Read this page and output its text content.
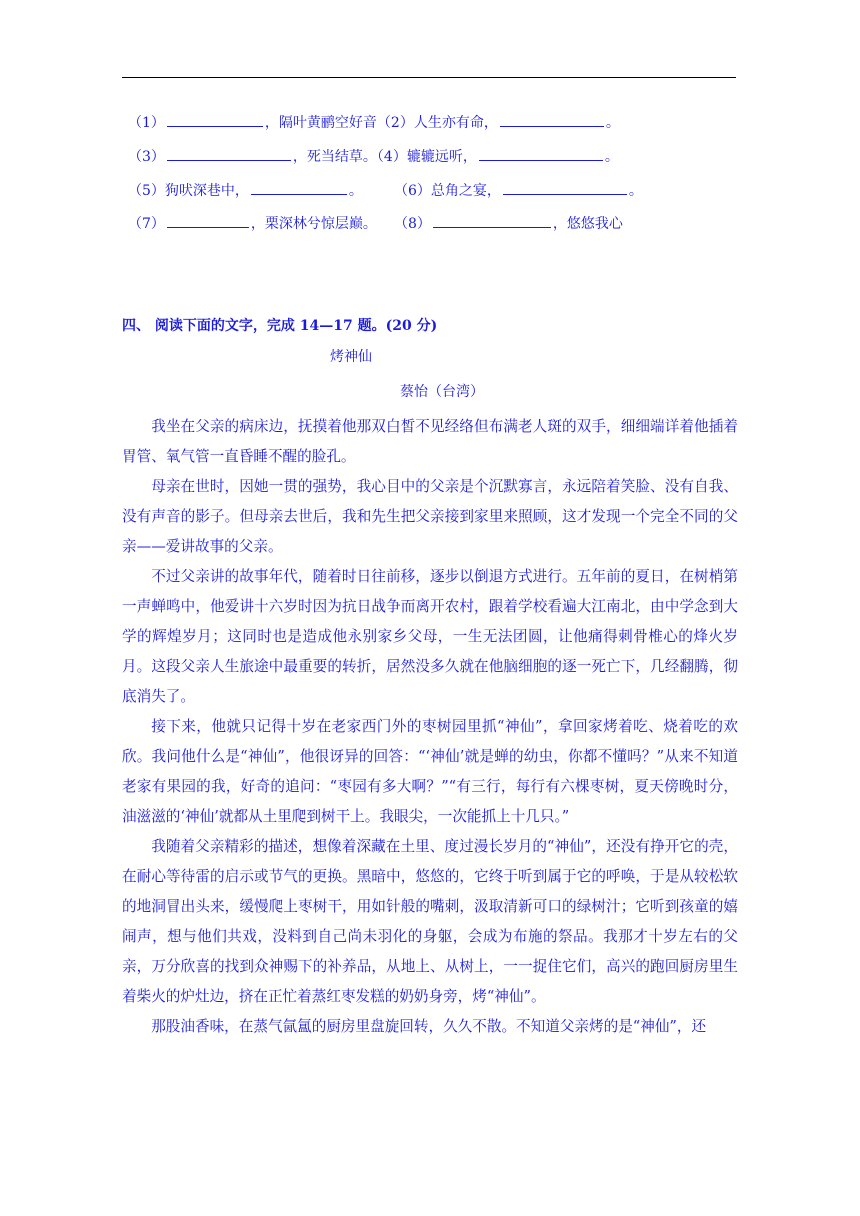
（1）	，隔叶黄鹂空好音（2）人生亦有命，	。
（3）	，死当结草。（4）辘辘远听，	。
（5）狗吠深巷中，	。 （6）总角之宴，	。
（7）	，栗深林兮惊层巅。 （8）	，悠悠我心
四、 阅读下面的文字，完成 14—17 题。(20 分)
烤神仙
蔡怡（台湾）

我坐在父亲的病床边，抚摸着他那双白皙不见经络但布满老人斑的双手，细细端详着他插着胃管、氧气管一直昏睡不醒的脸孔。

母亲在世时，因她一贯的强势，我心目中的父亲是个沉默寡言，永远陪着笑脸、没有自我、没有声音的影子。但母亲去世后，我和先生把父亲接到家里来照顾，这才发现一个完全不同的父亲——爱讲故事的父亲。

不过父亲讲的故事年代，随着时日往前移，逐步以倒退方式进行。五年前的夏日，在树梢第一声蝉鸣中，他爱讲十六岁时因为抗日战争而离开农村，跟着学校看遍大江南北，由中学念到大学的辉煌岁月；这同时也是造成他永别家乡父母，一生无法团圆，让他痛得刺骨椎心的烽火岁月。这段父亲人生旅途中最重要的转折，居然没多久就在他脑细胞的逐一死亡下，几经翻腾，彻底消失了。

接下来，他就只记得十岁在老家西门外的枣树园里抓“神仙”，拿回家烤着吃、烧着吃的欢欣。我问他什么是“神仙”，他很讶异的回答：“‘神仙’就是蝉的幼虫，你都不懂吗？”从来不知道老家有果园的我，好奇的追问：“枣园有多大啊？”“有三行，每行有六棵枣树，夏天傍晚时分，油滋滋的‘神仙’就都从土里爬到树干上。我眼尖，一次能抓上十几只。”

我随着父亲精彩的描述，想像着深藏在土里、度过漫长岁月的“神仙”，还没有挣开它的壳，在耐心等待雷的启示或节气的更换。黑暗中，悠悠的，它终于听到属于它的呼唤，于是从较松软的地洞冒出头来，缓慢爬上枣树干，用如针般的嘴刺，汲取清新可口的绿树汁；它听到孩童的嬉闹声，想与他们共戏，没料到自己尚未羽化的身躯，会成为布施的祭品。我那才十岁左右的父亲，万分欣喜的找到众神赐下的补养品，从地上、从树上，一一捉住它们，高兴的跑回厨房里生着柴火的炉灶边，挤在正忙着蒸红枣发糕的奶奶身旁，烤“神仙”。

那股油香味，在蒸气氤氲的厨房里盘旋回转，久久不散。不知道父亲烤的是“神仙”，还
